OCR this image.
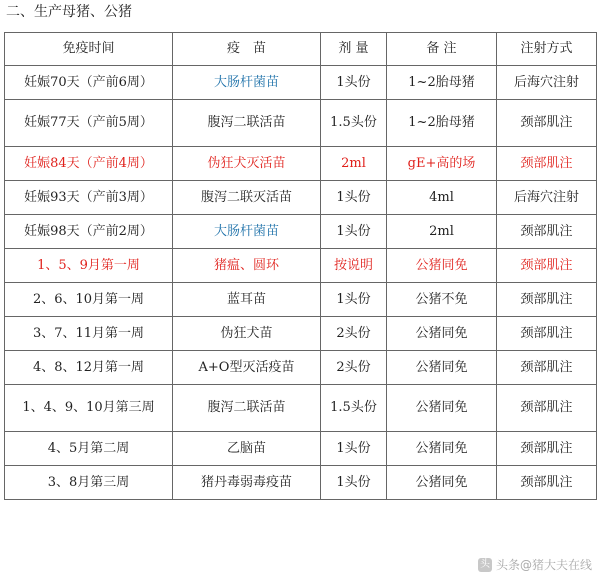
二、生产母猪、公猪
免疫时间	疫　苗	剂 量	备 注	注射方式
妊娠70天（产前6周）	大肠杆菌苗	1头份	1~2胎母猪	后海穴注射
妊娠77天（产前5周）	腹泻二联活苗	1.5头份	1~2胎母猪	颈部肌注
妊娠84天（产前4周）	伪狂犬灭活苗	2ml	gE+高的场	颈部肌注
妊娠93天（产前3周）	腹泻二联灭活苗	1头份	4ml	后海穴注射
妊娠98天（产前2周）	大肠杆菌苗	1头份	2ml	颈部肌注
1、5、9月第一周	猪瘟、圆环	按说明	公猪同免	颈部肌注
2、6、10月第一周	蓝耳苗	1头份	公猪不免	颈部肌注
3、7、11月第一周	伪狂犬苗	2头份	公猪同免	颈部肌注
4、8、12月第一周	A+O型灭活疫苗	2头份	公猪同免	颈部肌注
1、4、9、10月第三周	腹泻二联活苗	1.5头份	公猪同免	颈部肌注
4、5月第二周	乙脑苗	1头份	公猪同免	颈部肌注
3、8月第三周	猪丹毒弱毒疫苗	1头份	公猪同免	颈部肌注
头 头条@猪大夫在线
